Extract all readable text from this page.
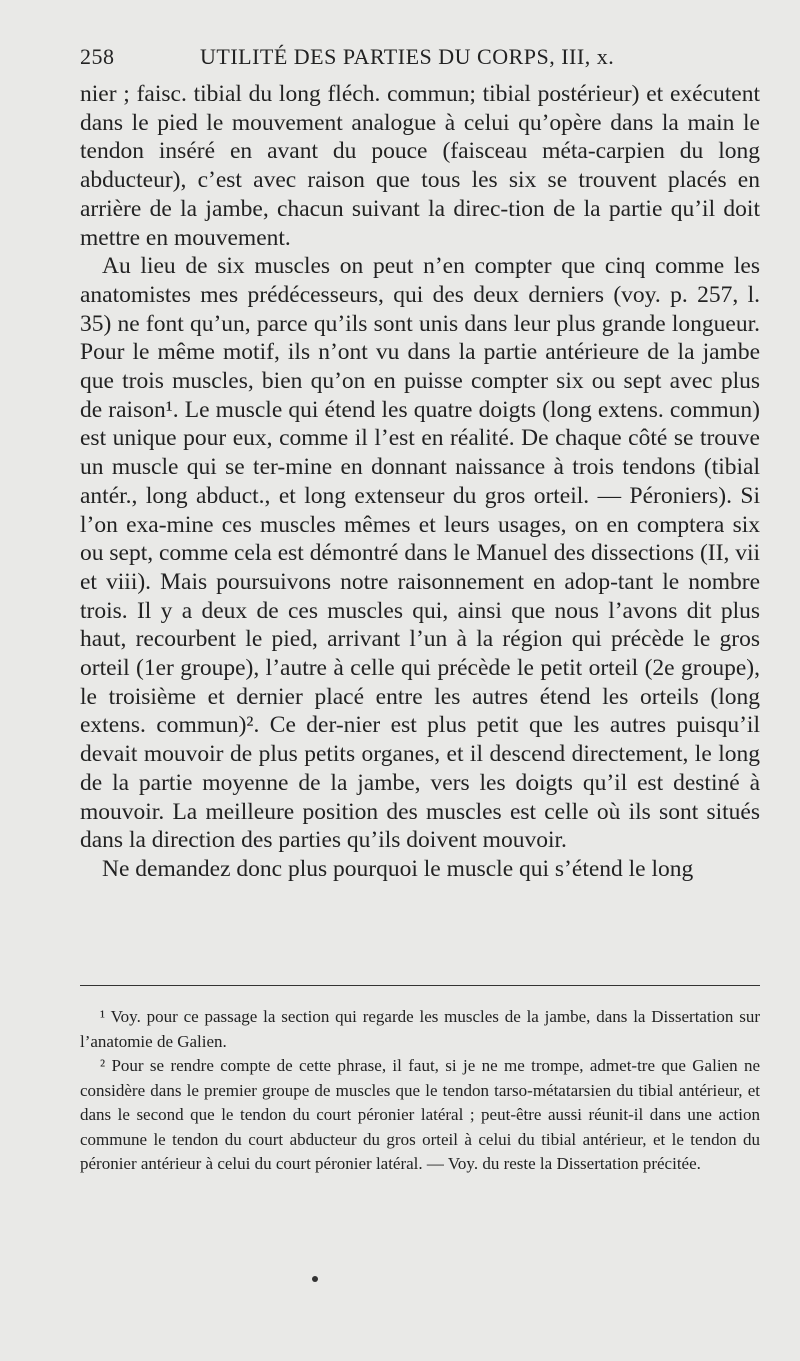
258	UTILITÉ DES PARTIES DU CORPS, III, x.

nier ; faisc. tibial du long fléch. commun; tibial postérieur) et exécutent dans le pied le mouvement analogue à celui qu’opère dans la main le tendon inséré en avant du pouce (faisceau méta-carpien du long abducteur), c’est avec raison que tous les six se trouvent placés en arrière de la jambe, chacun suivant la direc-tion de la partie qu’il doit mettre en mouvement.

Au lieu de six muscles on peut n’en compter que cinq comme les anatomistes mes prédécesseurs, qui des deux derniers (voy. p. 257, l. 35) ne font qu’un, parce qu’ils sont unis dans leur plus grande longueur. Pour le même motif, ils n’ont vu dans la partie antérieure de la jambe que trois muscles, bien qu’on en puisse compter six ou sept avec plus de raison¹. Le muscle qui étend les quatre doigts (long extens. commun) est unique pour eux, comme il l’est en réalité. De chaque côté se trouve un muscle qui se ter-mine en donnant naissance à trois tendons (tibial antér., long abduct., et long extenseur du gros orteil. — Péroniers). Si l’on exa-mine ces muscles mêmes et leurs usages, on en comptera six ou sept, comme cela est démontré dans le Manuel des dissections (II, vii et viii). Mais poursuivons notre raisonnement en adop-tant le nombre trois. Il y a deux de ces muscles qui, ainsi que nous l’avons dit plus haut, recourbent le pied, arrivant l’un à la région qui précède le gros orteil (1er groupe), l’autre à celle qui précède le petit orteil (2e groupe), le troisième et dernier placé entre les autres étend les orteils (long extens. commun)². Ce der-nier est plus petit que les autres puisqu’il devait mouvoir de plus petits organes, et il descend directement, le long de la partie moyenne de la jambe, vers les doigts qu’il est destiné à mouvoir. La meilleure position des muscles est celle où ils sont situés dans la direction des parties qu’ils doivent mouvoir.

Ne demandez donc plus pourquoi le muscle qui s’étend le long

¹ Voy. pour ce passage la section qui regarde les muscles de la jambe, dans la Dissertation sur l’anatomie de Galien.

² Pour se rendre compte de cette phrase, il faut, si je ne me trompe, admet-tre que Galien ne considère dans le premier groupe de muscles que le tendon tarso-métatarsien du tibial antérieur, et dans le second que le tendon du court péronier latéral ; peut-être aussi réunit-il dans une action commune le tendon du court abducteur du gros orteil à celui du tibial antérieur, et le tendon du péronier antérieur à celui du court péronier latéral. — Voy. du reste la Dissertation précitée.
